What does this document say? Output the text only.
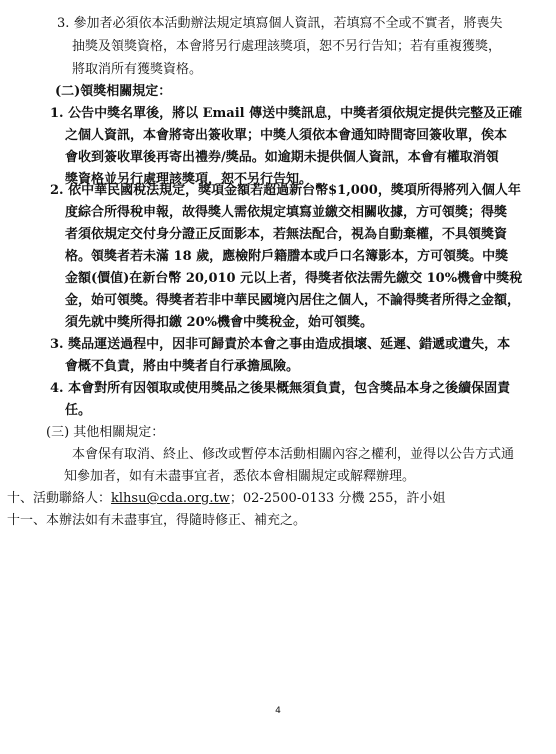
3. 參加者必須依本活動辦法規定填寫個人資訊，若填寫不全或不實者，將喪失
抽獎及領獎資格，本會將另行處理該獎項，恕不另行告知；若有重複獲獎，
將取消所有獲獎資格。
(二)領獎相關規定：
1. 公告中獎名單後，將以 Email 傳送中獎訊息，中獎者須依規定提供完整及正確
之個人資訊，本會將寄出簽收單；中獎人須依本會通知時間寄回簽收單，俟本
會收到簽收單後再寄出禮券/獎品。如逾期未提供個人資訊，本會有權取消領
獎資格並另行處理該獎項，恕不另行告知。
2. 依中華民國稅法規定，獎項金額若超過新台幣$1,000，獎項所得將列入個人年
度綜合所得稅申報，故得獎人需依規定填寫並繳交相關收據，方可領獎；得獎
者須依規定交付身分證正反面影本，若無法配合，視為自動棄權，不具領獎資
格。領獎者若未滿 18 歲，應檢附戶籍謄本或戶口名簿影本，方可領獎。中獎
金額(價值)在新台幣 20,010 元以上者，得獎者依法需先繳交 10%機會中獎稅
金，始可領獎。得獎者若非中華民國境內居住之個人，不論得獎者所得之金額，
須先就中獎所得扣繳 20%機會中獎稅金，始可領獎。
3. 獎品運送過程中，因非可歸責於本會之事由造成損壞、延遲、錯遞或遺失，本
會概不負責，將由中獎者自行承擔風險。
4. 本會對所有因領取或使用獎品之後果概無須負責，包含獎品本身之後續保固責
任。
(三) 其他相關規定：
本會保有取消、終止、修改或暫停本活動相關內容之權利，並得以公告方式通
知參加者，如有未盡事宜者，悉依本會相關規定或解釋辦理。
十、活動聯絡人：klhsu@cda.org.tw；02-2500-0133 分機 255，許小姐
十一、本辦法如有未盡事宜，得隨時修正、補充之。
4
